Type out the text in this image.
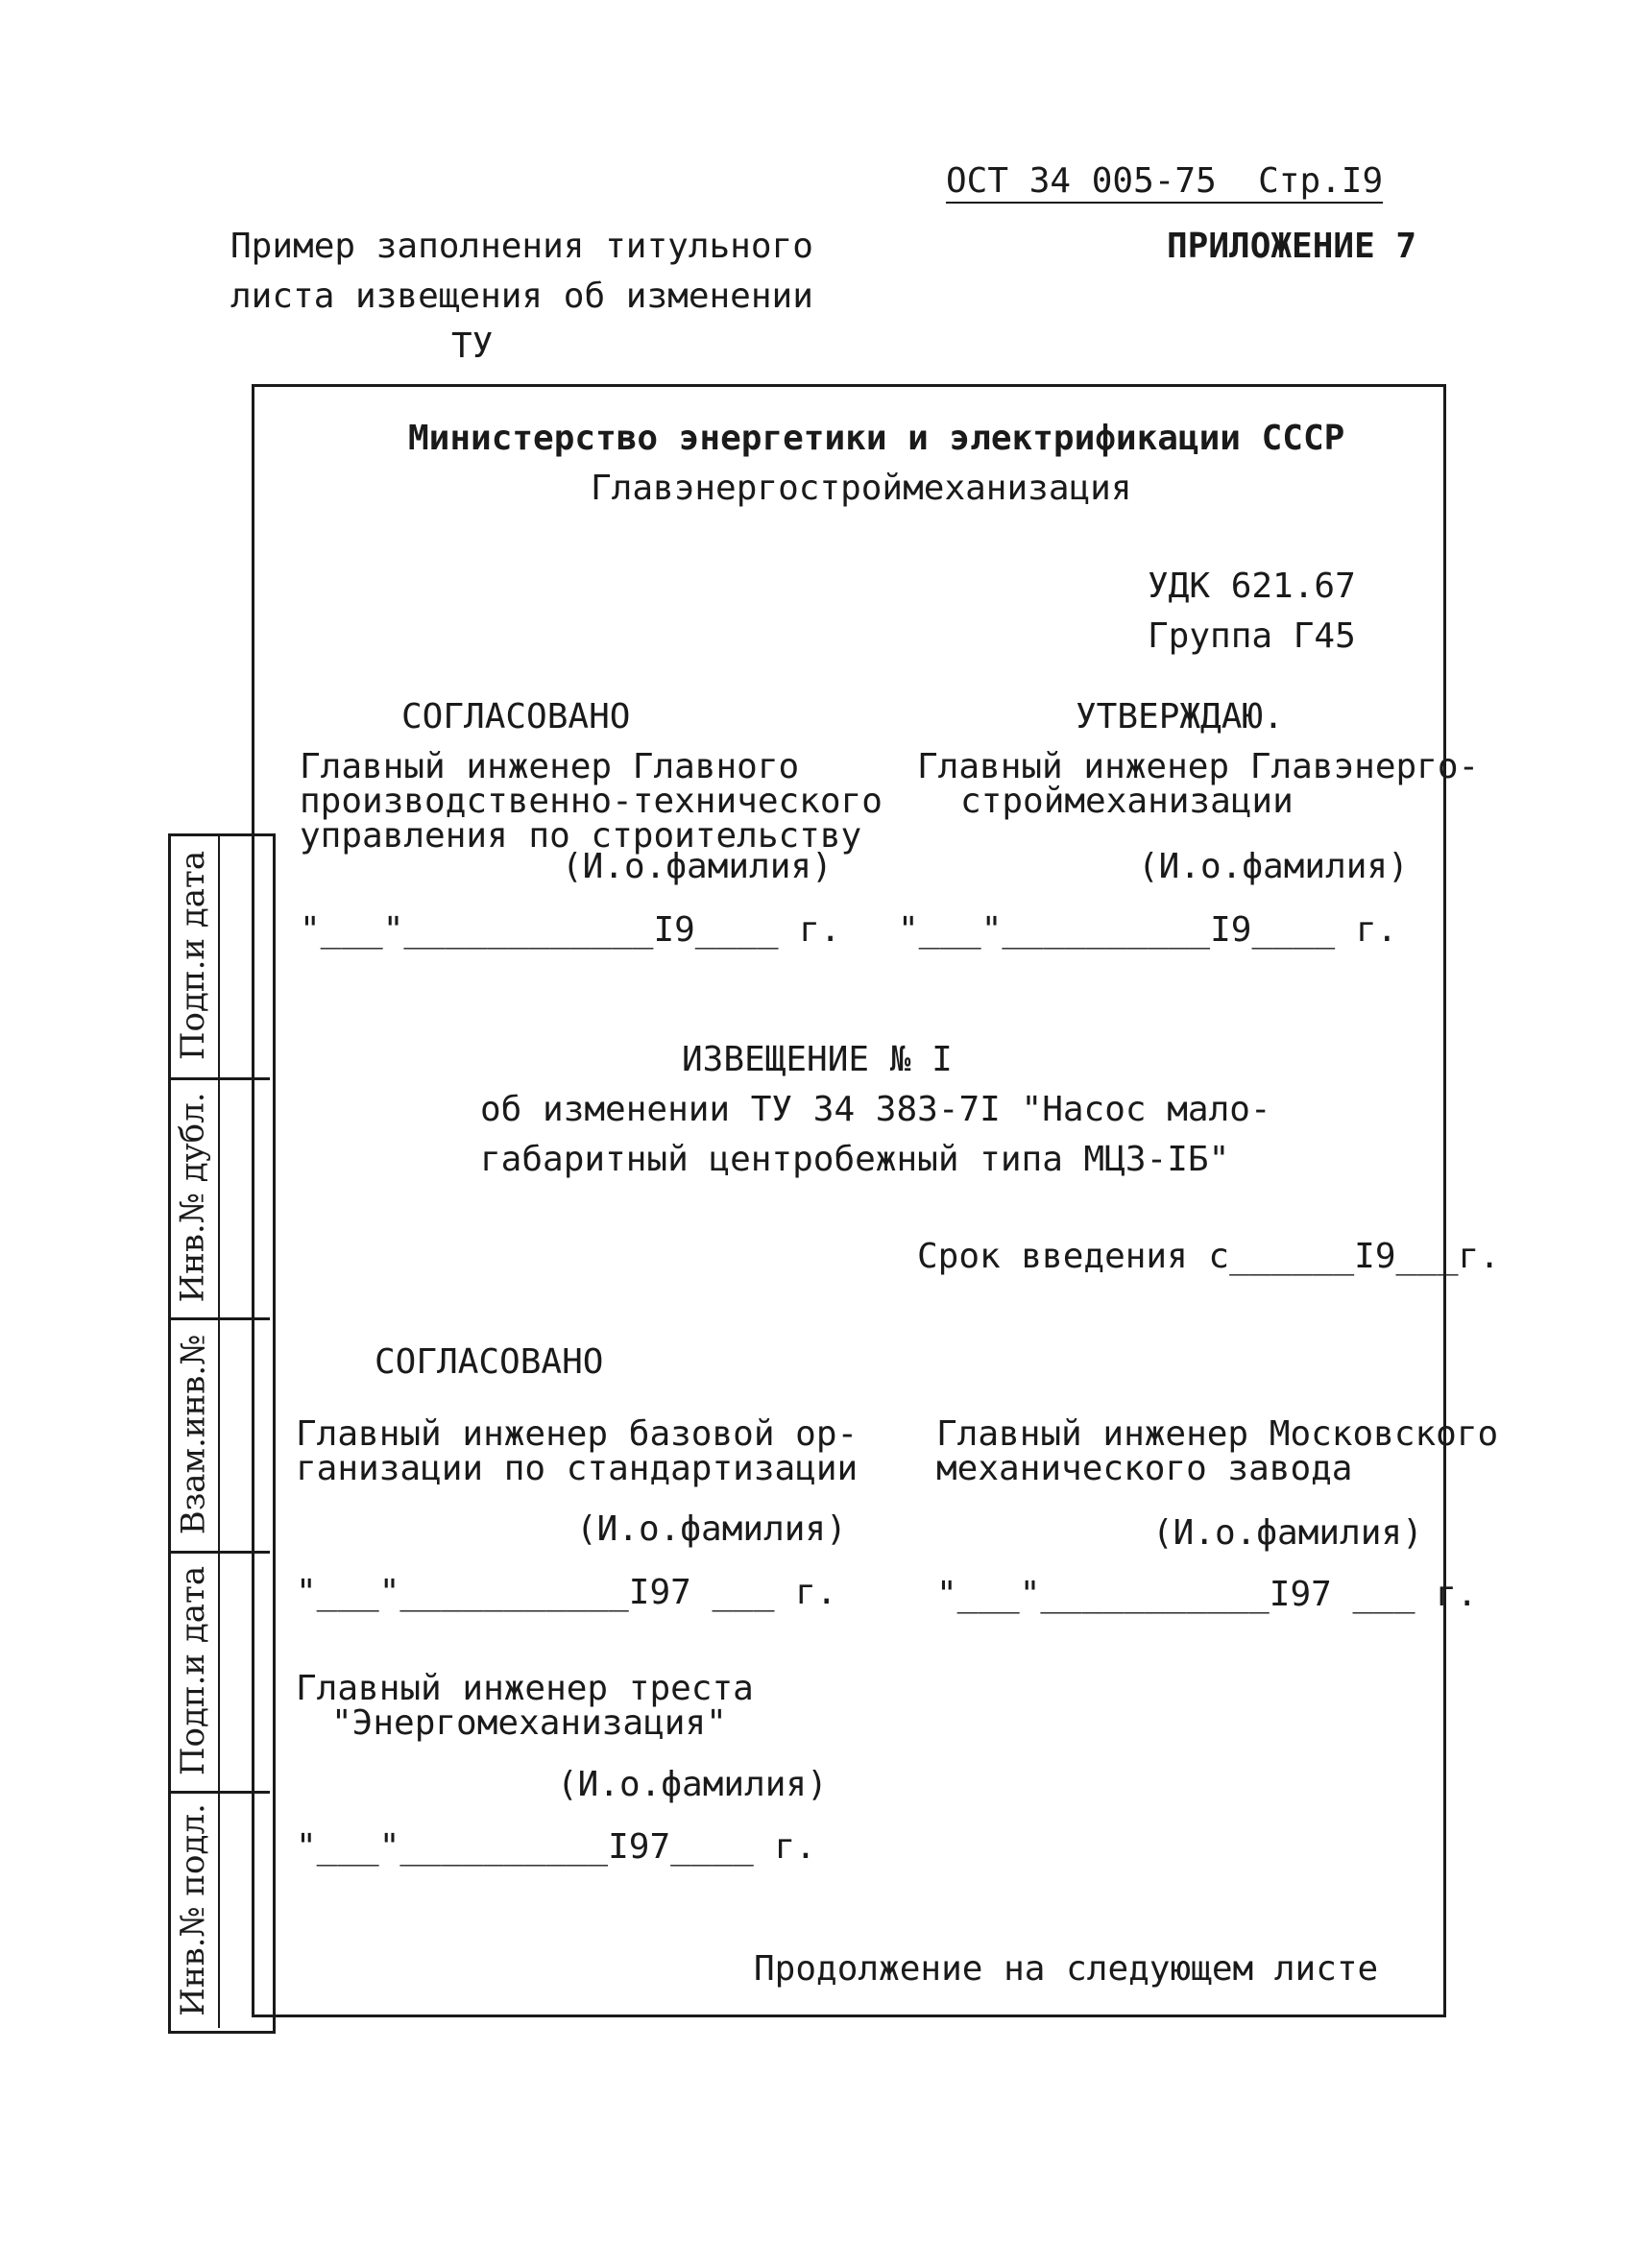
ОСТ 34 005-75  Стр.I9
ПРИЛОЖЕНИЕ 7
Пример заполнения титульного
листа извещения об изменении
ТУ
Подп.и дата
Инв.№ дубл.
Взам.инв.№
Подп.и дата
Инв.№ подл.
Министерство энергетики и электрификации СССР
Главэнергостроймеханизация
УДК 621.67
Группа Г45
СОГЛАСОВАНО
Главный инженер Главного
производственно-технического
управления по строительству
(И.о.фамилия)
"___"____________I9____ г.
УТВЕРЖДАЮ.
Главный инженер Главэнерго-
строймеханизации
(И.о.фамилия)
"___"__________I9____ г.
ИЗВЕЩЕНИЕ № I
об изменении ТУ 34 383-7I "Насос мало-
габаритный центробежный типа МЦЗ-IБ"
Срок введения с______I9___г.
СОГЛАСОВАНО
Главный инженер базовой ор-
ганизации по стандартизации
(И.о.фамилия)
"___"___________I97 ___ г.
Главный инженер Московского
механического завода
(И.о.фамилия)
"___"___________I97 ___ г.
Главный инженер треста
"Энергомеханизация"
(И.о.фамилия)
"___"__________I97____ г.
Продолжение на следующем листе
